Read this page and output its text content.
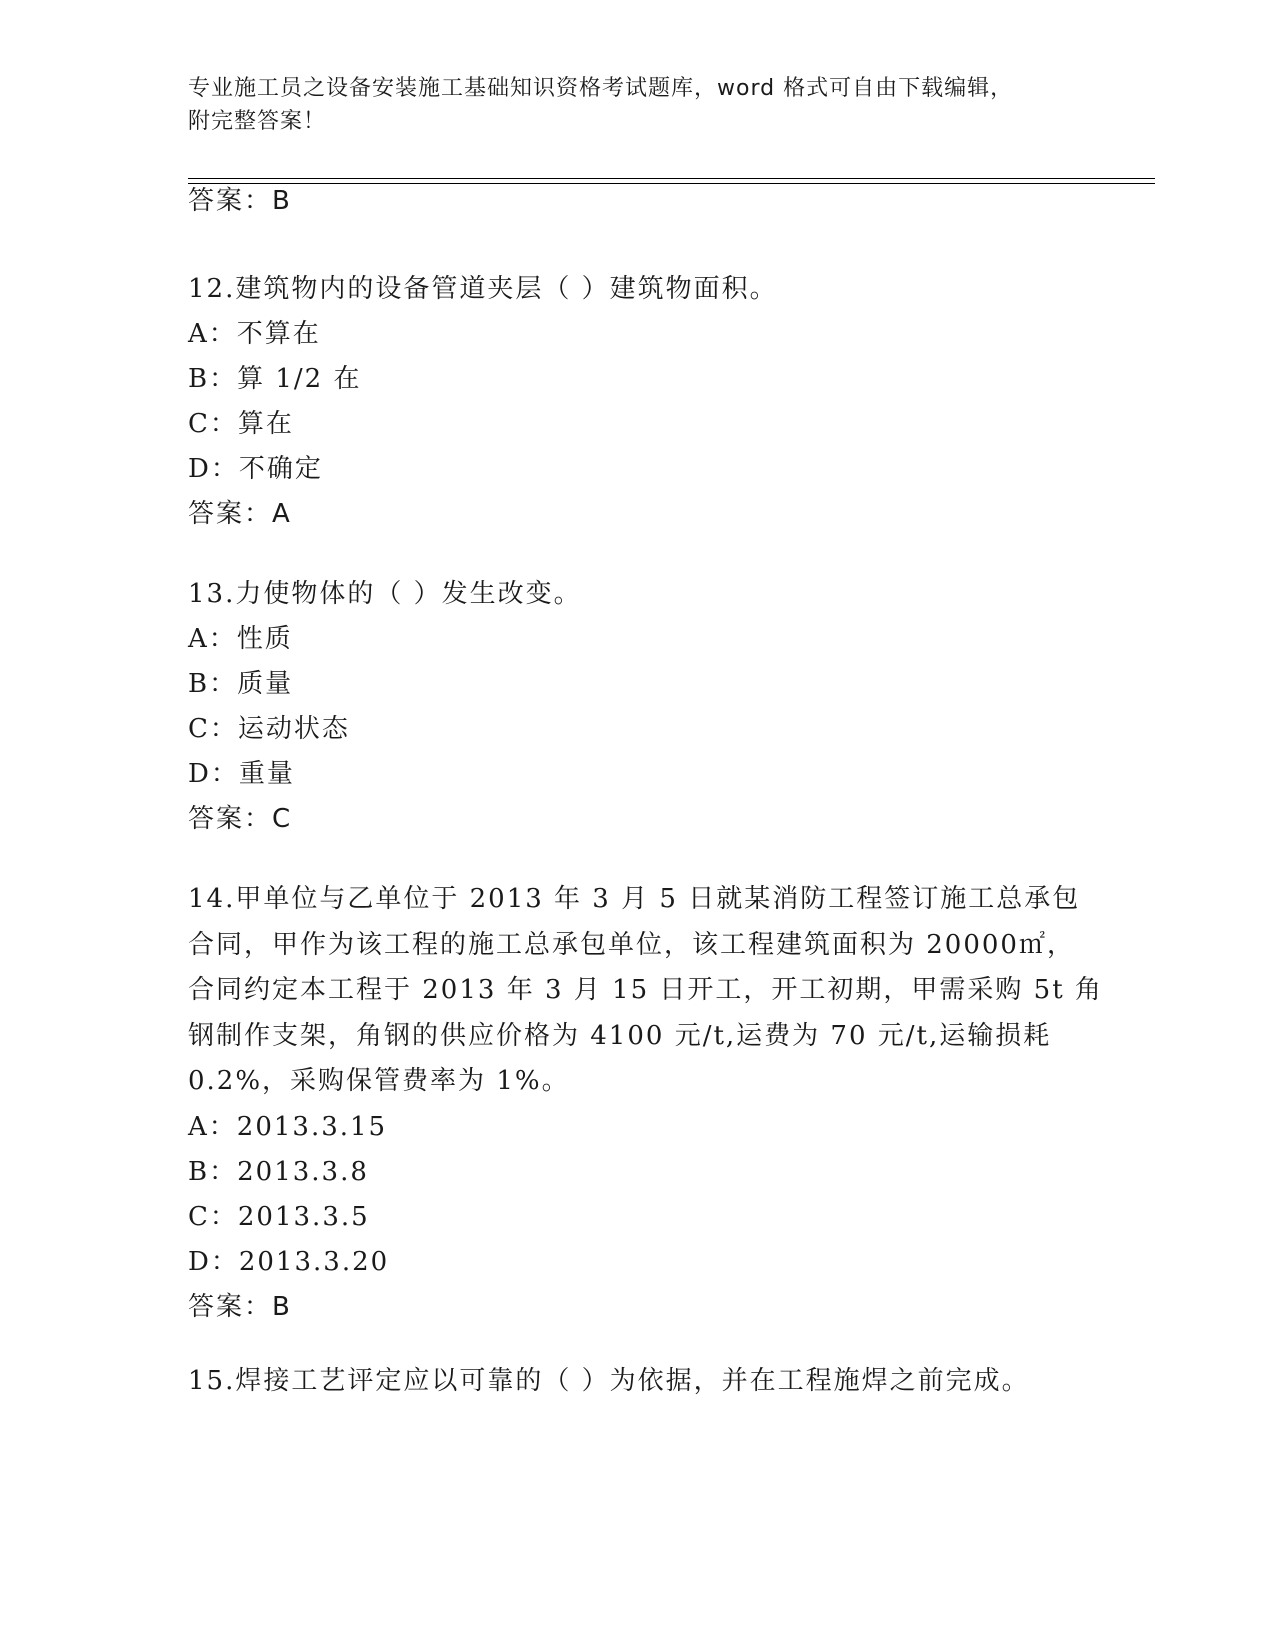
专业施工员之设备安装施工基础知识资格考试题库，word 格式可自由下载编辑，
附完整答案！
答案：B
12.建筑物内的设备管道夹层（ ）建筑物面积。
A：不算在
B：算 1/2 在
C：算在
D：不确定
答案：A
13.力使物体的（ ）发生改变。
A：性质
B：质量
C：运动状态
D：重量
答案：C
14.甲单位与乙单位于 2013 年 3 月 5 日就某消防工程签订施工总承包
合同，甲作为该工程的施工总承包单位，该工程建筑面积为 20000㎡，
合同约定本工程于 2013 年 3 月 15 日开工，开工初期，甲需采购 5t 角
钢制作支架，角钢的供应价格为 4100 元/t,运费为 70 元/t,运输损耗
0.2%，采购保管费率为 1%。
A：2013.3.15
B：2013.3.8
C：2013.3.5
D：2013.3.20
答案：B
15.焊接工艺评定应以可靠的（ ）为依据，并在工程施焊之前完成。
